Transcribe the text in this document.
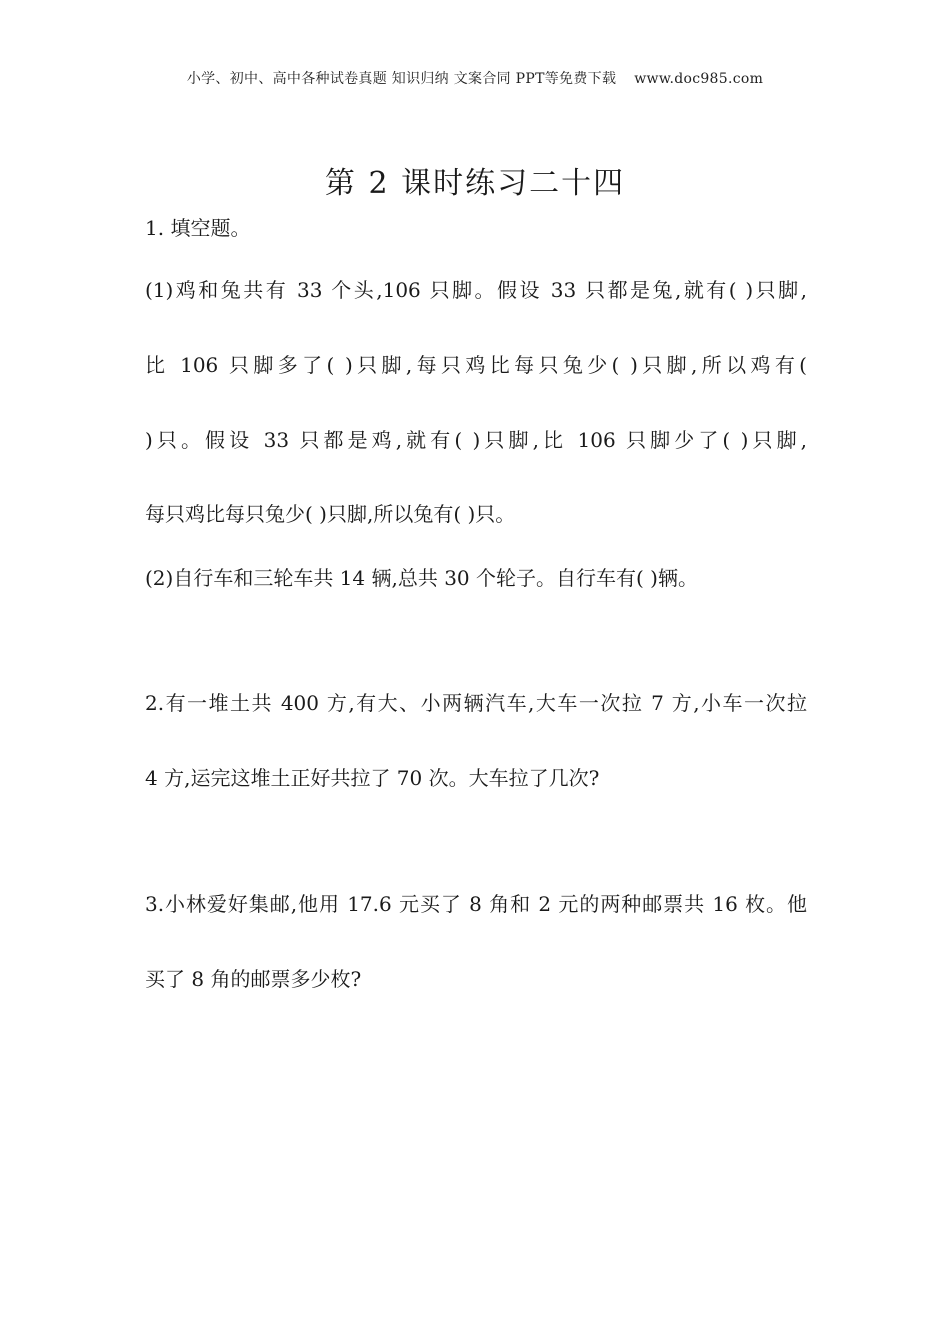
小学、初中、高中各种试卷真题 知识归纳 文案合同 PPT等免费下载 www.doc985.com
第 2 课时练习二十四
1. 填空题。
(1)鸡和兔共有 33 个头,106 只脚。假设 33 只都是兔,就有( )只脚,
比 106 只脚多了( )只脚,每只鸡比每只兔少( )只脚,所以鸡有(
)只。假设 33 只都是鸡,就有( )只脚,比 106 只脚少了( )只脚,
每只鸡比每只兔少( )只脚,所以兔有( )只。
(2)自行车和三轮车共 14 辆,总共 30 个轮子。自行车有( )辆。
2.有一堆土共 400 方,有大、小两辆汽车,大车一次拉 7 方,小车一次拉
4 方,运完这堆土正好共拉了 70 次。大车拉了几次?
3.小林爱好集邮,他用 17.6 元买了 8 角和 2 元的两种邮票共 16 枚。他
买了 8 角的邮票多少枚?
